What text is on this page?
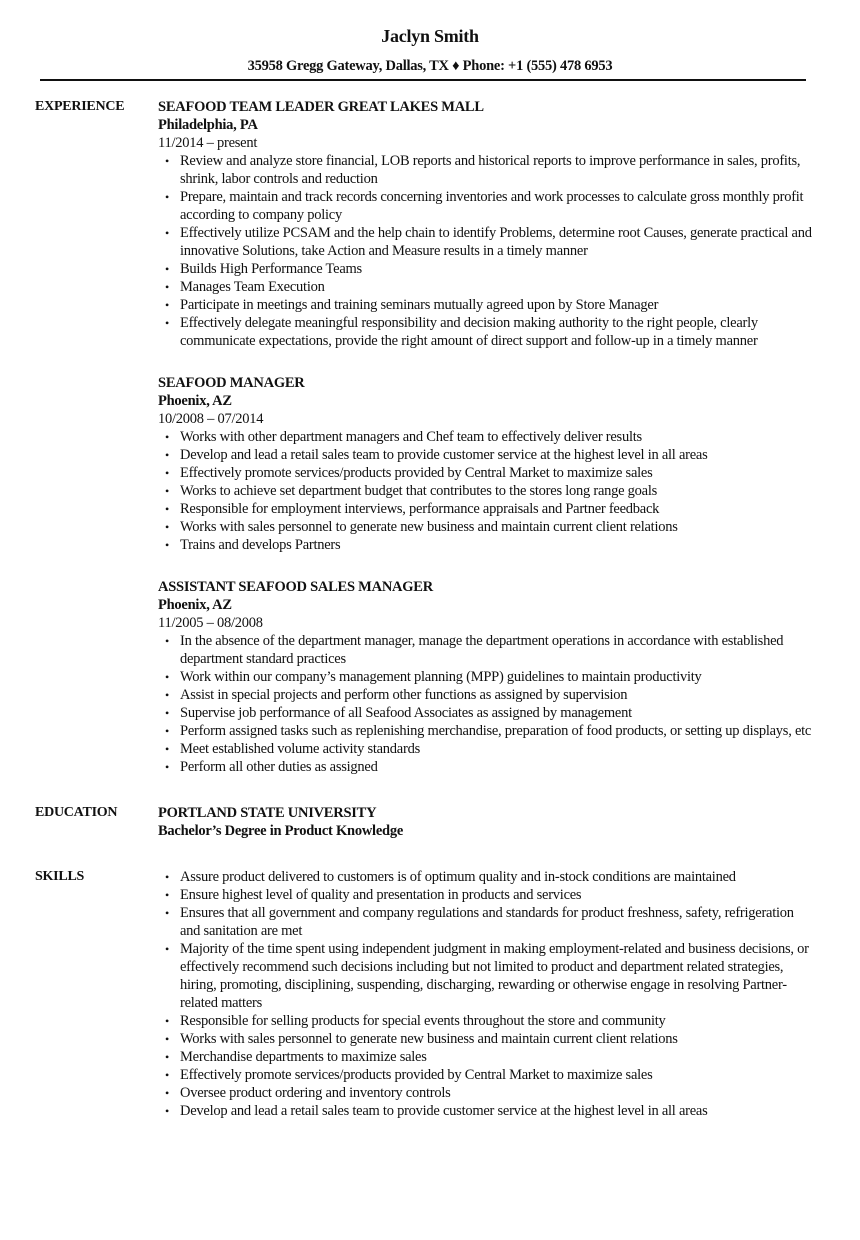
Jaclyn Smith
35958 Gregg Gateway, Dallas, TX ♦ Phone: +1 (555) 478 6953
EXPERIENCE	SEAFOOD TEAM LEADER GREAT LAKES MALL
Philadelphia, PA
11/2014 – present
• Review and analyze store financial, LOB reports and historical reports to improve performance in sales, profits, shrink, labor controls and reduction
• Prepare, maintain and track records concerning inventories and work processes to calculate gross monthly profit according to company policy
• Effectively utilize PCSAM and the help chain to identify Problems, determine root Causes, generate practical and innovative Solutions, take Action and Measure results in a timely manner
• Builds High Performance Teams
• Manages Team Execution
• Participate in meetings and training seminars mutually agreed upon by Store Manager
• Effectively delegate meaningful responsibility and decision making authority to the right people, clearly communicate expectations, provide the right amount of direct support and follow-up in a timely manner
SEAFOOD MANAGER
Phoenix, AZ
10/2008 – 07/2014
• Works with other department managers and Chef team to effectively deliver results
• Develop and lead a retail sales team to provide customer service at the highest level in all areas
• Effectively promote services/products provided by Central Market to maximize sales
• Works to achieve set department budget that contributes to the stores long range goals
• Responsible for employment interviews, performance appraisals and Partner feedback
• Works with sales personnel to generate new business and maintain current client relations
• Trains and develops Partners
ASSISTANT SEAFOOD SALES MANAGER
Phoenix, AZ
11/2005 – 08/2008
• In the absence of the department manager, manage the department operations in accordance with established department standard practices
• Work within our company’s management planning (MPP) guidelines to maintain productivity
• Assist in special projects and perform other functions as assigned by supervision
• Supervise job performance of all Seafood Associates as assigned by management
• Perform assigned tasks such as replenishing merchandise, preparation of food products, or setting up displays, etc
• Meet established volume activity standards
• Perform all other duties as assigned
EDUCATION	PORTLAND STATE UNIVERSITY
Bachelor’s Degree in Product Knowledge
SKILLS	• Assure product delivered to customers is of optimum quality and in-stock conditions are maintained
• Ensure highest level of quality and presentation in products and services
• Ensures that all government and company regulations and standards for product freshness, safety, refrigeration and sanitation are met
• Majority of the time spent using independent judgment in making employment-related and business decisions, or effectively recommend such decisions including but not limited to product and department related strategies, hiring, promoting, disciplining, suspending, discharging, rewarding or otherwise engage in resolving Partner-related matters
• Responsible for selling products for special events throughout the store and community
• Works with sales personnel to generate new business and maintain current client relations
• Merchandise departments to maximize sales
• Effectively promote services/products provided by Central Market to maximize sales
• Oversee product ordering and inventory controls
• Develop and lead a retail sales team to provide customer service at the highest level in all areas
